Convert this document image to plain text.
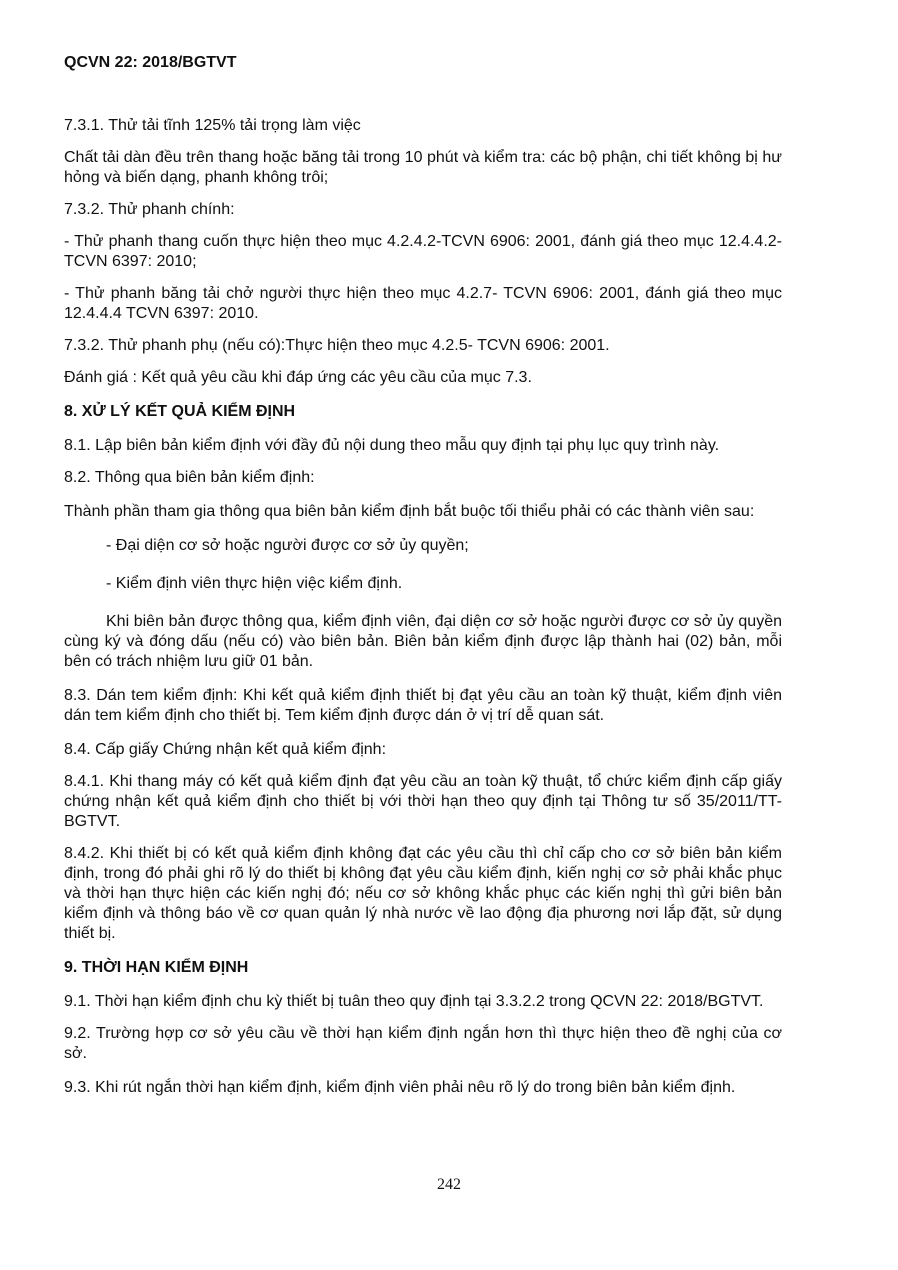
QCVN 22: 2018/BGTVT

7.3.1. Thử tải tĩnh 125% tải trọng làm việc

Chất tải dàn đều trên thang hoặc băng tải trong 10 phút và kiểm tra: các bộ phận, chi tiết không bị hư hỏng và biến dạng, phanh không trôi;

7.3.2. Thử phanh chính:

- Thử phanh thang cuốn thực hiện theo mục 4.2.4.2-TCVN 6906: 2001, đánh giá theo mục 12.4.4.2-TCVN 6397: 2010;

- Thử phanh băng tải chở người thực hiện theo mục 4.2.7- TCVN 6906: 2001, đánh giá theo mục 12.4.4.4 TCVN 6397: 2010.

7.3.2. Thử phanh phụ (nếu có):Thực hiện theo mục 4.2.5- TCVN 6906: 2001.

Đánh giá : Kết quả yêu cầu khi đáp ứng các yêu cầu của mục 7.3.

8. XỬ LÝ KẾT QUẢ KIỂM ĐỊNH

8.1. Lập biên bản kiểm định với đầy đủ nội dung theo mẫu quy định tại phụ lục quy trình này.

8.2. Thông qua biên bản kiểm định:

Thành phần tham gia thông qua biên bản kiểm định bắt buộc tối thiểu phải có các thành viên sau:

- Đại diện cơ sở hoặc người được cơ sở ủy quyền;

- Kiểm định viên thực hiện việc kiểm định.

Khi biên bản được thông qua, kiểm định viên, đại diện cơ sở hoặc người được cơ sở ủy quyền cùng ký và đóng dấu (nếu có) vào biên bản. Biên bản kiểm định được lập thành hai (02) bản, mỗi bên có trách nhiệm lưu giữ 01 bản.

8.3. Dán tem kiểm định: Khi kết quả kiểm định thiết bị đạt yêu cầu an toàn kỹ thuật, kiểm định viên dán tem kiểm định cho thiết bị. Tem kiểm định được dán ở vị trí dễ quan sát.

8.4. Cấp giấy Chứng nhận kết quả kiểm định:

8.4.1. Khi thang máy có kết quả kiểm định đạt yêu cầu an toàn kỹ thuật, tổ chức kiểm định cấp giấy chứng nhận kết quả kiểm định cho thiết bị với thời hạn theo quy định tại Thông tư số 35/2011/TT-BGTVT.

8.4.2. Khi thiết bị có kết quả kiểm định không đạt các yêu cầu thì chỉ cấp cho cơ sở biên bản kiểm định, trong đó phải ghi rõ lý do thiết bị không đạt yêu cầu kiểm định, kiến nghị cơ sở phải khắc phục và thời hạn thực hiện các kiến nghị đó; nếu cơ sở không khắc phục các kiến nghị thì gửi biên bản kiểm định và thông báo về cơ quan quản lý nhà nước về lao động địa phương nơi lắp đặt, sử dụng thiết bị.

9. THỜI HẠN KIỂM ĐỊNH

9.1. Thời hạn kiểm định chu kỳ thiết bị tuân theo quy định tại 3.3.2.2 trong QCVN 22: 2018/BGTVT.

9.2. Trường hợp cơ sở yêu cầu về thời hạn kiểm định ngắn hơn thì thực hiện theo đề nghị của cơ sở.

9.3. Khi rút ngắn thời hạn kiểm định, kiểm định viên phải nêu rõ lý do trong biên bản kiểm định.

242
